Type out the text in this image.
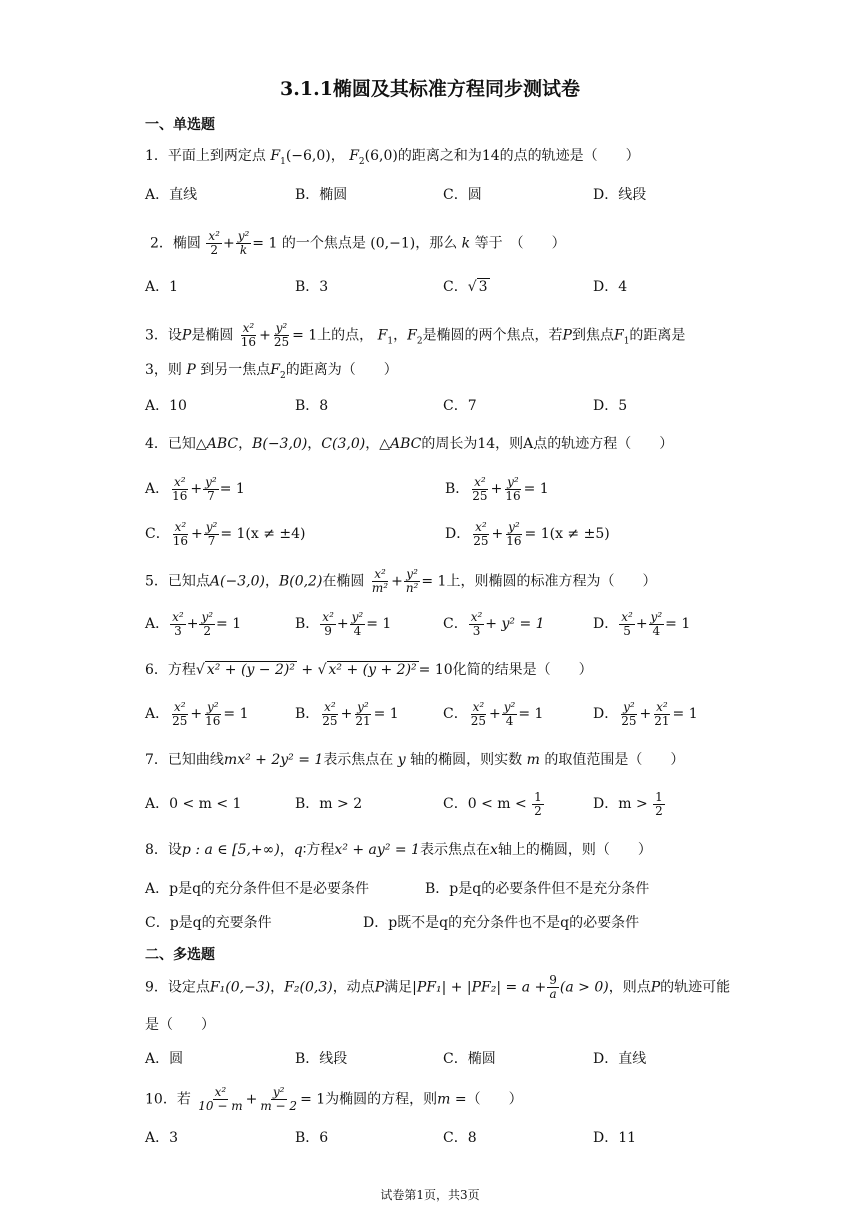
3.1.1椭圆及其标准方程同步测试卷
一、单选题
1．平面上到两定点 $F_1(-6,0)$， $F_2(6,0)$的距离之和为14的点的轨迹是（　　）
A．直线	B．椭圆	C．圆	D．线段
2．椭圆 $\frac{\text{x²}}{2} + \frac{\text{y²}}{k} = 1$ 的一个焦点是 (0,−1)，那么 k 等于　（　　）
A．1	B．3	C．√ 3	D．4
3．设P是椭圆 $\frac{\text{x²}}{16} + \frac{\text{y²}}{25} = 1$上的点， $F_1$，$F_2$是椭圆的两个焦点，若P到焦点$F_1$的距离是
3，则 P 到另一焦点$F_2$的距离为（　　）
A．10	B．8	C．7	D．5
4．已知△ABC，B(−3,0)，C(3,0)，△ABC的周长为14，则A点的轨迹方程（　　）
A． $\frac{\text{x²}}{16} + \frac{\text{y²}}{7} = 1$	B． $\frac{\text{x²}}{25} + \frac{\text{y²}}{16} = 1$
C． $\frac{\text{x²}}{16} + \frac{\text{y²}}{7} = 1(x \ne \pm 4)$	D． $\frac{\text{x²}}{25} + \frac{\text{y²}}{16} = 1(x \ne \pm 5)$
5．已知点A(−3,0)，B(0,2)在椭圆 $\frac{\text{x²}}{\text{m²}} + \frac{\text{y²}}{\text{n²}} = 1$上，则椭圆的标准方程为（　　）
A． $\frac{\text{x²}}{3} + \frac{\text{y²}}{2} = 1$	B． $\frac{\text{x²}}{9} + \frac{\text{y²}}{4} = 1$	C． $\frac{\text{x²}}{3} + y^2 = 1$	D． $\frac{\text{x²}}{5} + \frac{\text{y²}}{4} = 1$
6．方程√ x² + (y − 2)² + √ x² + (y + 2)² = 10化简的结果是（　　）
A． $\frac{\text{x²}}{25} + \frac{\text{y²}}{16} = 1$	B． $\frac{\text{x²}}{25} + \frac{\text{y²}}{21} = 1$	C． $\frac{\text{x²}}{25} + \frac{\text{y²}}{4} = 1$	D． $\frac{\text{y²}}{25} + \frac{\text{x²}}{21} = 1$
7．已知曲线mx² + 2y² = 1表示焦点在 y 轴的椭圆，则实数 m 的取值范围是（　　）
A．0 < m < 1	B．m > 2	C．$0 < m < \frac{1}{2}$	D．$m > \frac{1}{2}$
8．设p : a ∈ [5,+∞)，q∶方程x² + ay² = 1表示焦点在x轴上的椭圆，则（　　）
A．p是q的充分条件但不是必要条件	B．p是q的必要条件但不是充分条件
C．p是q的充要条件	D．p既不是q的充分条件也不是q的必要条件
二、多选题
9．设定点F₁(0,−3)，F₂(0,3)，动点P满足$|PF_1| + |PF_2| = a + \frac{9}{a} (a > 0)$，则点P的轨迹可能
是（　　）
A．圆	B．线段	C．椭圆	D．直线
10．若 $\frac{\text{x²}}{10 - m} + \frac{\text{y²}}{m - 2} = 1$为椭圆的方程，则m =（　　）
A．3	B．6	C．8	D．11
试卷第1页，共3页
